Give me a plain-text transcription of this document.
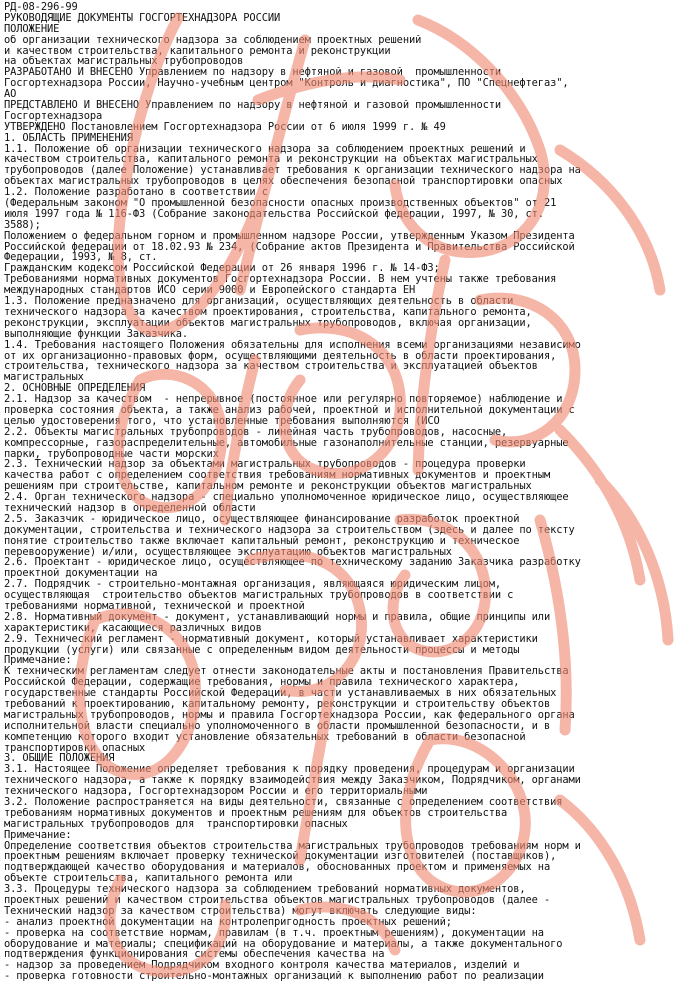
РД-08-296-99
РУКОВОДЯЩИЕ ДОКУМЕНТЫ ГОСГОРТЕХНАДЗОРА РОССИИ
ПОЛОЖЕНИЕ
об организации технического надзора за соблюдением проектных решений
и качеством строительства, капитального ремонта и реконструкции
на объектах магистральных трубопроводов
РАЗРАБОТАНО И ВНЕСЕНО Управлением по надзору в нефтяной и газовой  промышленности
Госгортехнадзора России, Научно-учебным центром "Контроль и диагностика", ПО "Спецнефтегаз",
АО
ПРЕДСТАВЛЕНО И ВНЕСЕНО Управлением по надзору в нефтяной и газовой промышленности
Госгортехнадзора
УТВЕРЖДЕНО Постановлением Госгортехнадзора России от 6 июля 1999 г. № 49
1. ОБЛАСТЬ ПРИМЕНЕНИЯ
1.1. Положение об организации технического надзора за соблюдением проектных решений и
качеством строительства, капитального ремонта и реконструкции на объектах магистральных
трубопроводов (далее Положение) устанавливает требования к организации технического надзора на
объектах магистральных трубопроводов в целях обеспечения безопасной транспортировки опасных
1.2. Положение разработано в соответствии с
(Федеральным законом "О промышленной безопасности опасных производственных объектов" от 21
июля 1997 года № 116-ФЗ (Собрание законодательства Российской федерации, 1997, № 30, ст.
3588);
Положением о федеральном горном и промышленном надзоре России, утвержденным Указом Президента
Российской федерации от 18.02.93 № 234, (Собрание актов Президента и Правительства Российской
Федерации, 1993, № 8, ст.
Гражданским кодексом Российской Федерации от 26 января 1996 г. № 14-ФЗ;
Требованиями нормативных документов Госгортехнадзора России. В нем учтены также требования
международных стандартов ИСО серии 9000 и Европейского стандарта ЕН
1.3. Положение предназначено для организаций, осуществляющих деятельность в области
технического надзора за качеством проектирования, строительства, капитального ремонта,
реконструкции, эксплуатации объектов магистральных трубопроводов, включая организации,
выполняющие функции Заказчика.
1.4. Требования настоящего Положения обязательны для исполнения всеми организациями независимо
от их организационно-правовых форм, осуществляющими деятельность в области проектирования,
строительства, технического надзора за качеством строительства и эксплуатацией объектов
магистральных
2. ОСНОВНЫЕ ОПРЕДЕЛЕНИЯ
2.1. Надзор за качеством  - непрерывное (постоянное или регулярно повторяемое) наблюдение и
проверка состояния объекта, а также анализ рабочей, проектной и исполнительной документации с
целью удостоверения того, что установленные требования выполняются (ИСО
2.2. Объекты магистральных трубопроводов - линейная часть трубопроводов, насосные,
компрессорные, газораспределительные, автомобильные газонаполнительные станции, резервуарные
парки, трубопроводные части морских
2.3. Технический надзор за объектами магистральных трубопроводов - процедура проверки
качества работ с определением соответствия требованиям нормативных документов и проектным
решениям при строительстве, капитальном ремонте и реконструкции объектов магистральных
2.4. Орган технического надзора - специально уполномоченное юридическое лицо, осуществляющее
технический надзор в определенной области
2.5. Заказчик - юридическое лицо, осуществляющее финансирование разработок проектной
документации, строительства и технического надзора за строительством (здесь и далее по тексту
понятие строительство также включает капитальный ремонт, реконструкцию и техническое
перевооружение) и/или, осуществляющее эксплуатацию объектов магистральных
2.6. Проектант - юридическое лицо, осуществляющее по техническому заданию Заказчика разработку
проектной документации на
2.7. Подрядчик - строительно-монтажная организация, являющаяся юридическим лицом,
осуществляющая  строительство объектов магистральных трубопроводов в соответствии с
требованиями нормативной, технической и проектной
2.8. Нормативный документ - документ, устанавливающий нормы и правила, общие принципы или
характеристики, касающиеся различных видов
2.9. Технический регламент - нормативный документ, который устанавливает характеристики
продукции (услуги) или связанные с определенным видом деятельности процессы и методы
Примечание:
К техническим регламентам следует отнести законодательные акты и постановления Правительства
Российской Федерации, содержащие требования, нормы и правила технического характера,
государственные стандарты Российской Федерации, в части устанавливаемых в них обязательных
требований к проектированию, капитальному ремонту, реконструкции и строительству объектов
магистральных трубопроводов, нормы и правила Госгортехнадзора России, как федерального органа
исполнительной власти специально уполномоченного в области промышленной безопасности, и в
компетенцию которого входит установление обязательных требований в области безопасной
транспортировки опасных
3. ОБЩИЕ ПОЛОЖЕНИЯ
3.1. Настоящее Положение определяет требования к порядку проведения, процедурам и организации
технического надзора, а также к порядку взаимодействия между Заказчиком, Подрядчиком, органами
технического надзора, Госгортехнадзором России и его территориальными
3.2. Положение распространяется на виды деятельности, связанные с определением соответствия
требованиям нормативных документов и проектным решениям для объектов строительства
магистральных трубопроводов для  транспортировки опасных
Примечание:
Определение соответствия объектов строительства магистральных трубопроводов требованиям норм и
проектным решениям включает проверку технической документации изготовителей (поставщиков),
подтверждающей качество оборудования и материалов, обоснованных проектом и применяемых на
объекте строительства, капитального ремонта или
3.3. Процедуры технического надзора за соблюдением требований нормативных документов,
проектных решений и качеством строительства объектов магистральных трубопроводов (далее -
Технический надзор за качеством строительства) могут включать следующие виды:
- анализ проектной документации на контролепригодность проектных решений;
- проверка на соответствие нормам, правилам (в т.ч. проектным решениям), документации на
оборудование и материалы; спецификаций на оборудование и материалы, а также документального
подтверждения функционирования системы обеспечения качества на
- надзор за проведением Подрядчиком входного контроля качества материалов, изделий и
- проверка готовности строительно-монтажных организаций к выполнению работ по реализации
